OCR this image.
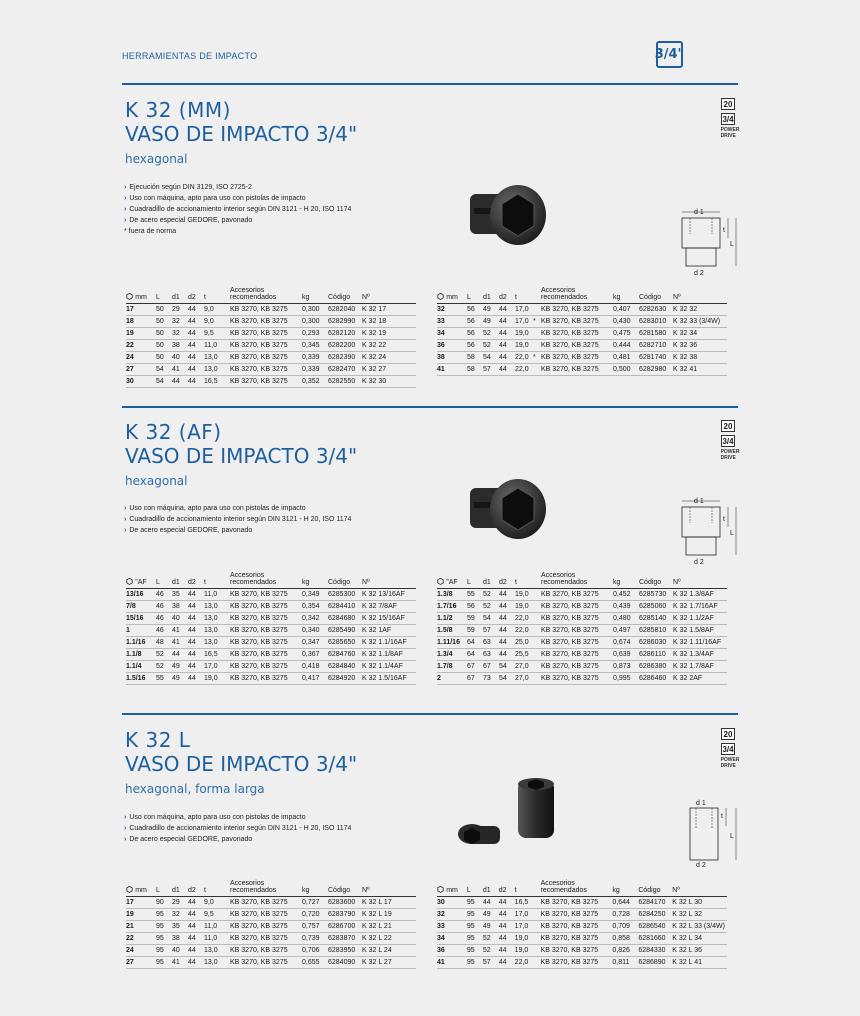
HERRAMIENTAS DE IMPACTO	3/4"
K 32 (MM)
VASO DE IMPACTO 3/4"
hexagonal
20
3/4
POWER DRIVE
› Ejecución según DIN 3129, ISO 2725-2
› Uso con máquina, apto para uso con pistolas de impacto
› Cuadradillo de accionamiento interior según DIN 3121 - H 20, ISO 1174
› De acero especial GEDORE, pavonado
* fuera de norma
d 1
t
L
d 2
⬡ mm	L	d1	d2	t		Accesorios recomendados	kg	Código	Nº
17	50	29	44	9,0		KB 3270, KB 3275	0,300	6282040	K 32 17
18	50	32	44	9,0		KB 3270, KB 3275	0,300	6282990	K 32 18
19	50	32	44	9,5		KB 3270, KB 3275	0,293	6282120	K 32 19
22	50	38	44	11,0		KB 3270, KB 3275	0,345	6282200	K 32 22
24	50	40	44	13,0		KB 3270, KB 3275	0,339	6282390	K 32 24
27	54	41	44	13,0		KB 3270, KB 3275	0,339	6282470	K 32 27
30	54	44	44	16,5		KB 3270, KB 3275	0,352	6282550	K 32 30
⬡ mm	L	d1	d2	t		Accesorios recomendados	kg	Código	Nº
32	56	49	44	17,0		KB 3270, KB 3275	0,407	6282630	K 32 32
33	56	49	44	17,0	*	KB 3270, KB 3275	0,430	6283010	K 32 33 (3/4W)
34	56	52	44	19,0		KB 3270, KB 3275	0,475	6281580	K 32 34
36	56	52	44	19,0		KB 3270, KB 3275	0,444	6282710	K 32 36
38	58	54	44	22,0	*	KB 3270, KB 3275	0,481	6281740	K 32 38
41	58	57	44	22,0		KB 3270, KB 3275	0,500	6282980	K 32 41
K 32 (AF)
VASO DE IMPACTO 3/4"
hexagonal
20
3/4
POWER DRIVE
› Uso con máquina, apto para uso con pistolas de impacto
› Cuadradillo de accionamiento interior según DIN 3121 - H 20, ISO 1174
› De acero especial GEDORE, pavonado
d 1
t
L
d 2
⬡ "AF	L	d1	d2	t		Accesorios recomendados	kg	Código	Nº
13/16	46	35	44	11,0		KB 3270, KB 3275	0,349	6285300	K 32 13/16AF
7/8	46	38	44	13,0		KB 3270, KB 3275	0,354	6284410	K 32 7/8AF
15/16	46	40	44	13,0		KB 3270, KB 3275	0,342	6284680	K 32 15/16AF
1	46	41	44	13,0		KB 3270, KB 3275	0,340	6285490	K 32 1AF
1.1/16	48	41	44	13,0		KB 3270, KB 3275	0,347	6285650	K 32 1.1/16AF
1.1/8	52	44	44	16,5		KB 3270, KB 3275	0,367	6284760	K 32 1.1/8AF
1.1/4	52	49	44	17,0		KB 3270, KB 3275	0,418	6284840	K 32 1.1/4AF
1.5/16	55	49	44	19,0		KB 3270, KB 3275	0,417	6284920	K 32 1.5/16AF
⬡ "AF	L	d1	d2	t		Accesorios recomendados	kg	Código	Nº
1.3/8	55	52	44	19,0		KB 3270, KB 3275	0,452	6285730	K 32 1.3/8AF
1.7/16	56	52	44	19,0		KB 3270, KB 3275	0,439	6285060	K 32 1.7/16AF
1.1/2	59	54	44	22,0		KB 3270, KB 3275	0,480	6285140	K 32 1.1/2AF
1.5/8	59	57	44	22,0		KB 3270, KB 3275	0,497	6285810	K 32 1.5/8AF
1.11/16	64	63	44	25,0		KB 3270, KB 3275	0,674	6286030	K 32 1.11/16AF
1.3/4	64	63	44	25,5		KB 3270, KB 3275	0,639	6286110	K 32 1.3/4AF
1.7/8	67	67	54	27,0		KB 3270, KB 3275	0,873	6286380	K 32 1.7/8AF
2	67	73	54	27,0		KB 3270, KB 3275	0,995	6286460	K 32 2AF
K 32 L
VASO DE IMPACTO 3/4"
hexagonal, forma larga
20
3/4
POWER DRIVE
› Uso con máquina, apto para uso con pistolas de impacto
› Cuadradillo de accionamiento interior según DIN 3121 - H 20, ISO 1174
› De acero especial GEDORE, pavonado
d 1
t
L
d 2
⬡ mm	L	d1	d2	t		Accesorios recomendados	kg	Código	Nº
17	90	29	44	9,0		KB 3270, KB 3275	0,727	6283600	K 32 L 17
19	95	32	44	9,5		KB 3270, KB 3275	0,720	6283790	K 32 L 19
21	95	35	44	11,0		KB 3270, KB 3275	0,757	6286700	K 32 L 21
22	95	38	44	11,0		KB 3270, KB 3275	0,739	6283870	K 32 L 22
24	95	40	44	13,0		KB 3270, KB 3275	0,706	6283950	K 32 L 24
27	95	41	44	13,0		KB 3270, KB 3275	0,655	6284090	K 32 L 27
⬡ mm	L	d1	d2	t		Accesorios recomendados	kg	Código	Nº
30	95	44	44	16,5		KB 3270, KB 3275	0,644	6284170	K 32 L 30
32	95	49	44	17,0		KB 3270, KB 3275	0,728	6284250	K 32 L 32
33	95	49	44	17,0		KB 3270, KB 3275	0,709	6286540	K 32 L 33 (3/4W)
34	95	52	44	19,0		KB 3270, KB 3275	0,858	6281660	K 32 L 34
36	95	52	44	19,0		KB 3270, KB 3275	0,826	6284330	K 32 L 36
41	95	57	44	22,0		KB 3270, KB 3275	0,811	6286890	K 32 L 41
